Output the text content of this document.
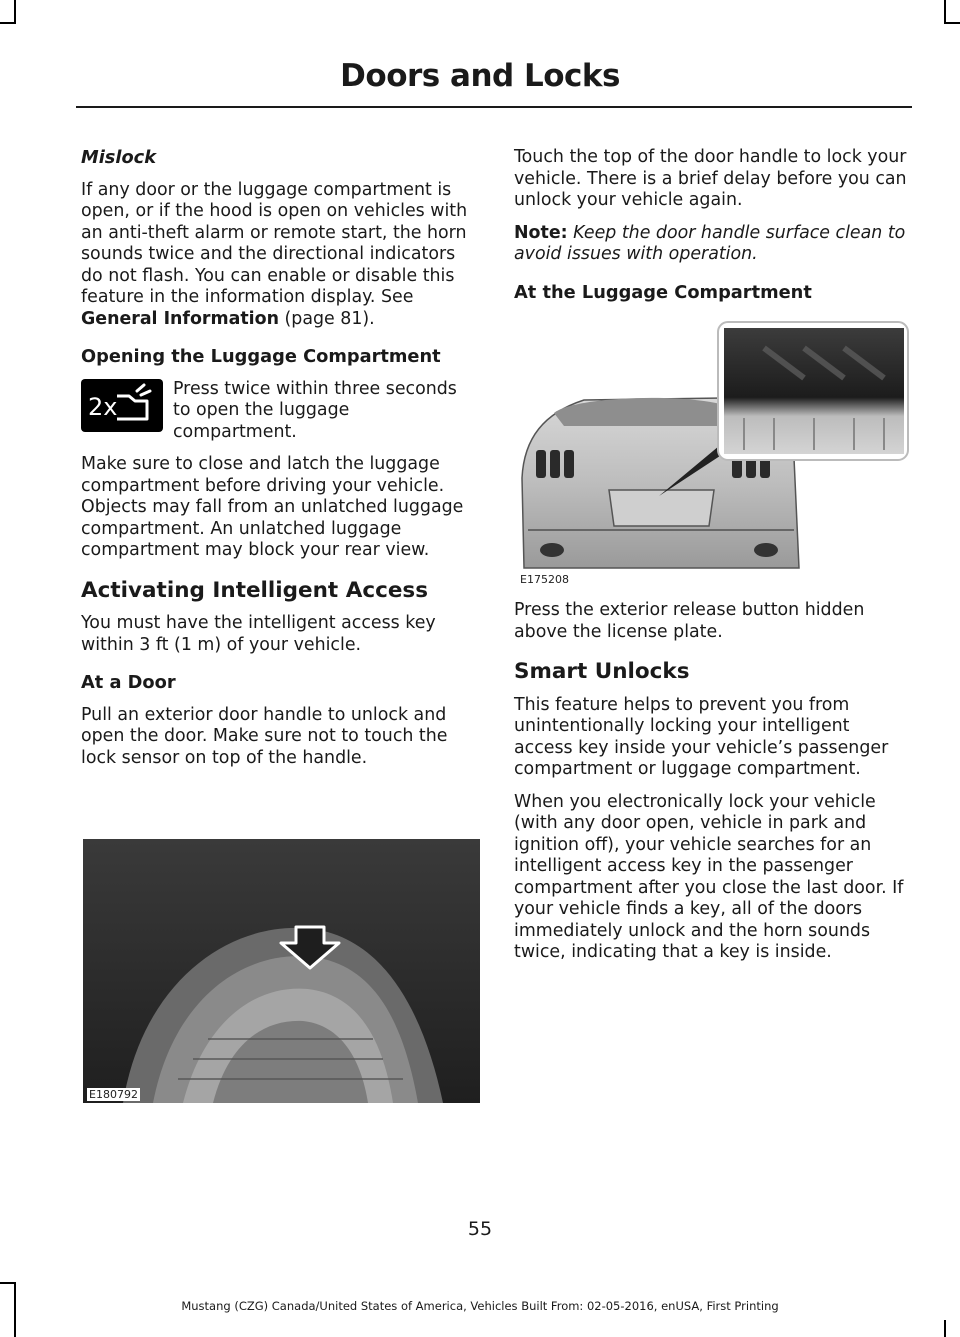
Doors and Locks
Mislock

If any door or the luggage compartment is open, or if the hood is open on vehicles with an anti-theft alarm or remote start, the horn sounds twice and the directional indicators do not flash. You can enable or disable this feature in the information display. See General Information (page 81).

Opening the Luggage Compartment
2x
Press twice within three seconds to open the luggage compartment.

Make sure to close and latch the luggage compartment before driving your vehicle. Objects may fall from an unlatched luggage compartment. An unlatched luggage compartment may block your rear view.

Activating Intelligent Access

You must have the intelligent access key within 3 ft (1 m) of your vehicle.

At a Door

Pull an exterior door handle to unlock and open the door. Make sure not to touch the lock sensor on top of the handle.

E180792

Touch the top of the door handle to lock your vehicle. There is a brief delay before you can unlock your vehicle again.

Note: Keep the door handle surface clean to avoid issues with operation.

At the Luggage Compartment
E175208

Press the exterior release button hidden above the license plate.

Smart Unlocks

This feature helps to prevent you from unintentionally locking your intelligent access key inside your vehicle’s passenger compartment or luggage compartment.

When you electronically lock your vehicle (with any door open, vehicle in park and ignition off), your vehicle searches for an intelligent access key in the passenger compartment after you close the last door. If your vehicle finds a key, all of the doors immediately unlock and the horn sounds twice, indicating that a key is inside.

55
Mustang (CZG) Canada/United States of America, Vehicles Built From: 02-05-2016, enUSA, First Printing
